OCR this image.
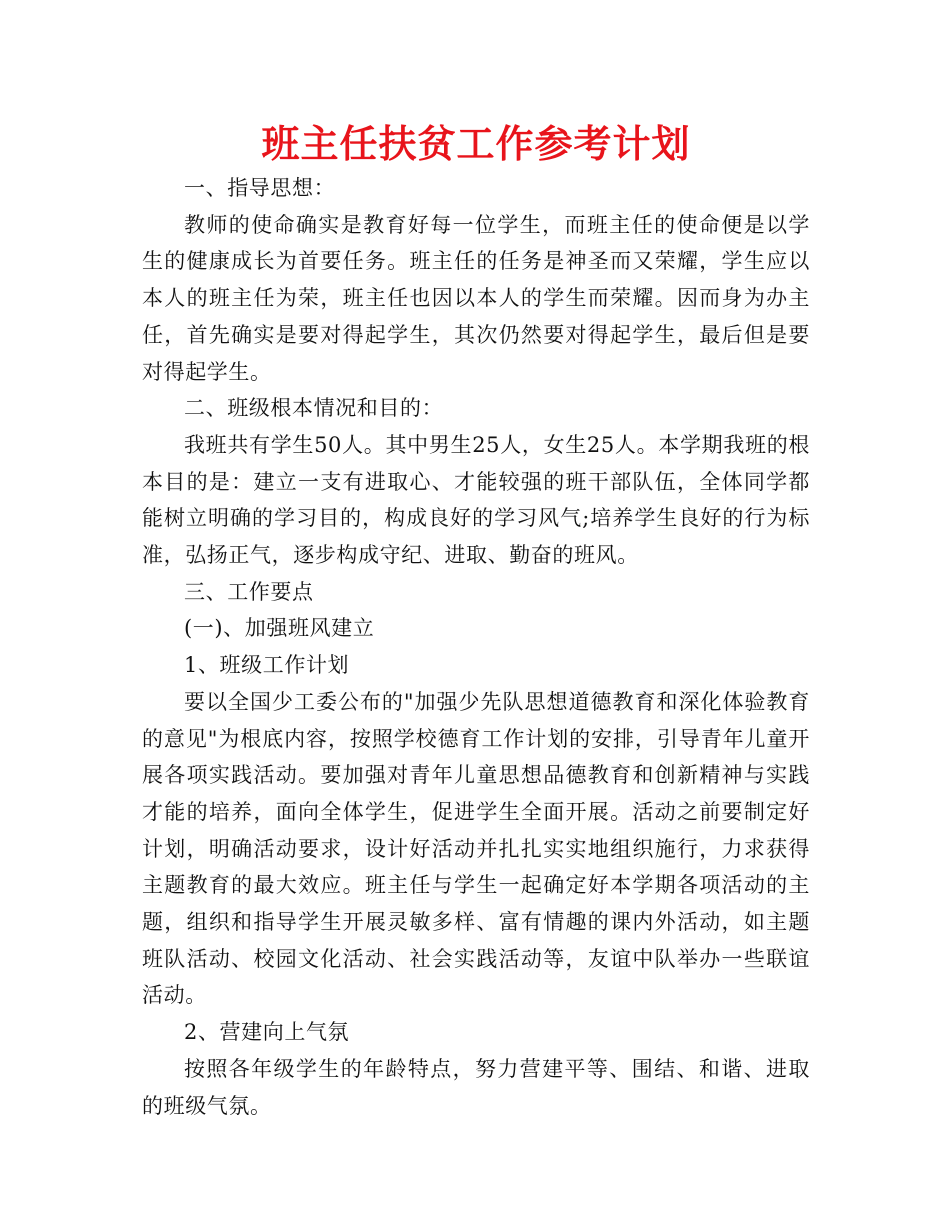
班主任扶贫工作参考计划

一、指导思想：

教师的使命确实是教育好每一位学生，而班主任的使命便是以学生的健康成长为首要任务。班主任的任务是神圣而又荣耀，学生应以本人的班主任为荣，班主任也因以本人的学生而荣耀。因而身为办主任，首先确实是要对得起学生，其次仍然要对得起学生，最后但是要对得起学生。

二、班级根本情况和目的：

我班共有学生50人。其中男生25人，女生25人。本学期我班的根本目的是：建立一支有进取心、才能较强的班干部队伍，全体同学都能树立明确的学习目的，构成良好的学习风气;培养学生良好的行为标准，弘扬正气，逐步构成守纪、进取、勤奋的班风。

三、工作要点

(一)、加强班风建立

1、班级工作计划

要以全国少工委公布的"加强少先队思想道德教育和深化体验教育的意见"为根底内容，按照学校德育工作计划的安排，引导青年儿童开展各项实践活动。要加强对青年儿童思想品德教育和创新精神与实践才能的培养，面向全体学生，促进学生全面开展。活动之前要制定好计划，明确活动要求，设计好活动并扎扎实实地组织施行，力求获得主题教育的最大效应。班主任与学生一起确定好本学期各项活动的主题，组织和指导学生开展灵敏多样、富有情趣的课内外活动，如主题班队活动、校园文化活动、社会实践活动等，友谊中队举办一些联谊活动。

2、营建向上气氛

按照各年级学生的年龄特点，努力营建平等、围结、和谐、进取的班级气氛。
